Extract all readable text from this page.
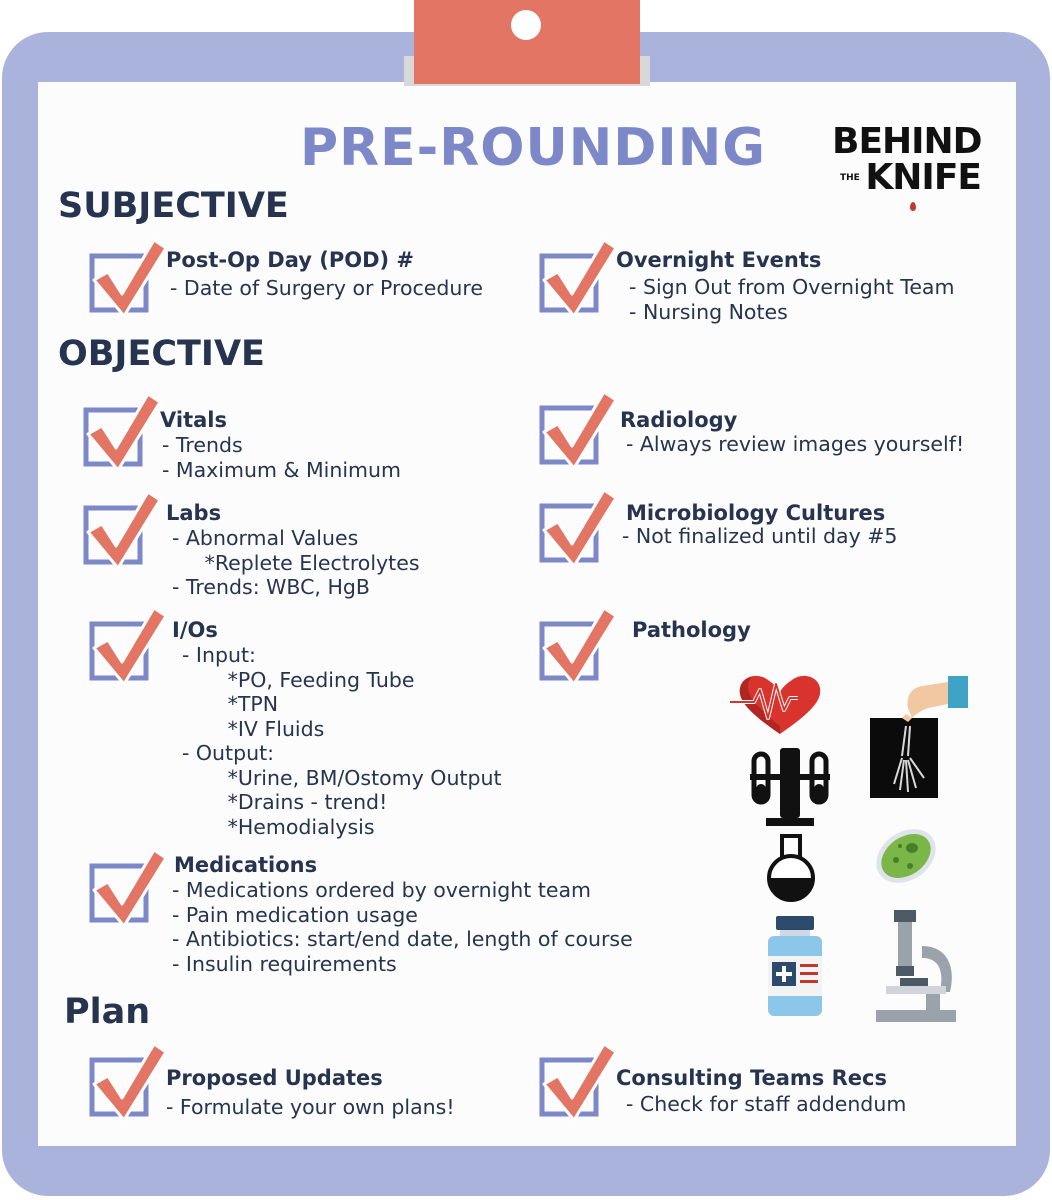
PRE-ROUNDING BEHIND
THE KNIFE
SUBJECTIVE
OBJECTIVE
Plan
Post-Op Day (POD) #
- Date of Surgery or Procedure
Overnight Events
- Sign Out from Overnight Team
- Nursing Notes
Vitals
- Trends
- Maximum & Minimum
Radiology
- Always review images yourself!
Labs
- Abnormal Values
*Replete Electrolytes
- Trends: WBC, HgB
Microbiology Cultures
- Not finalized until day #5
I/Os
- Input:
*PO, Feeding Tube
*TPN
*IV Fluids
- Output:
*Urine, BM/Ostomy Output
*Drains - trend!
*Hemodialysis
Pathology
Medications
- Medications ordered by overnight team
- Pain medication usage
- Antibiotics: start/end date, length of course
- Insulin requirements
Proposed Updates
- Formulate your own plans!
Consulting Teams Recs
- Check for staff addendum
